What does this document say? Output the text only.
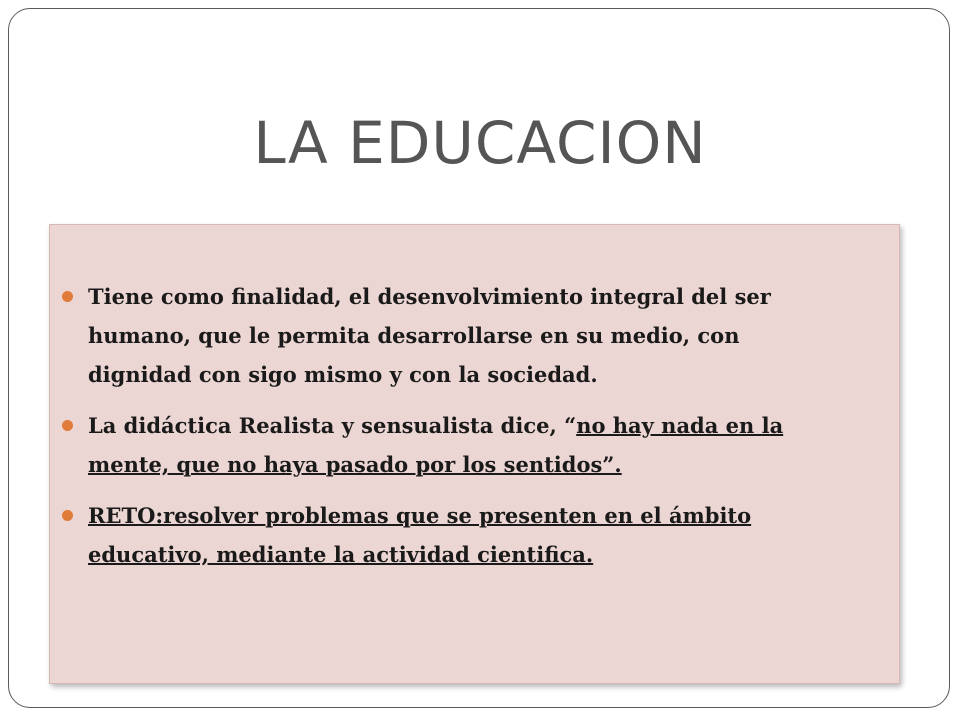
LA EDUCACION
Tiene como finalidad, el desenvolvimiento integral del ser humano, que le permita desarrollarse en su medio, con dignidad con sigo mismo y con la sociedad.
La didáctica Realista y sensualista dice, “no hay nada en la mente, que no haya pasado por los sentidos”.
RETO:resolver problemas que se presenten en el ámbito educativo, mediante la actividad cientifica.
